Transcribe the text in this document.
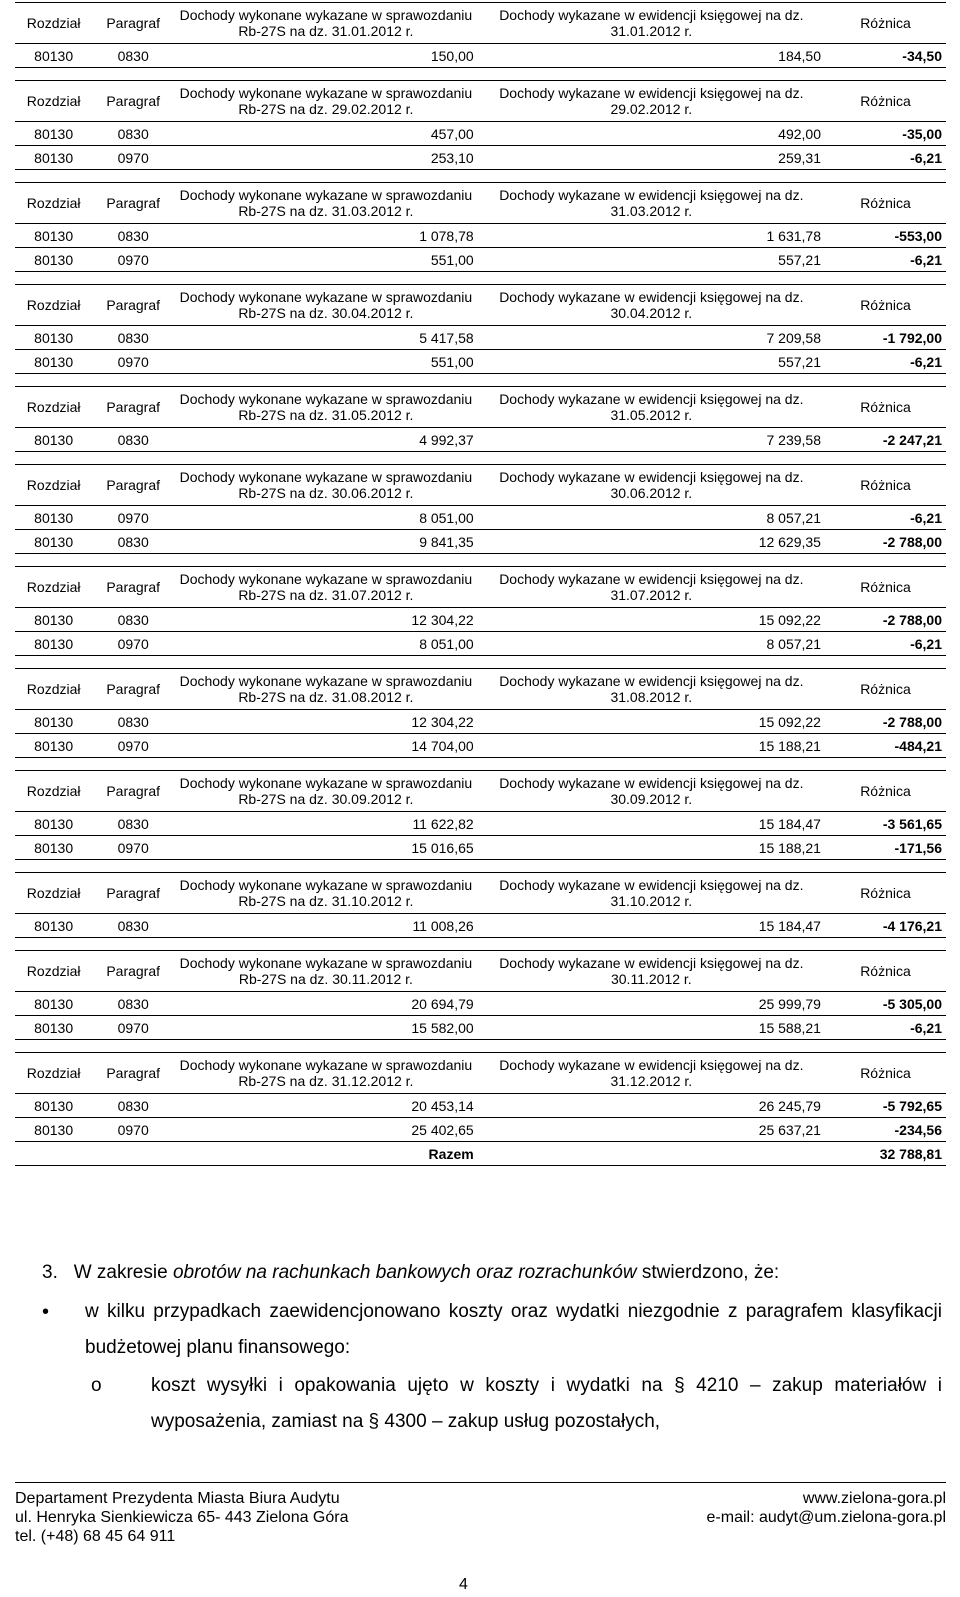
Rozdział	Paragraf	Dochody wykonane wykazane w sprawozdaniu Rb-27S na dz. 31.01.2012 r.	Dochody wykazane w ewidencji księgowej na dz. 31.01.2012 r.	Różnica
80130	0830	150,00	184,50	-34,50
Rozdział	Paragraf	Dochody wykonane wykazane w sprawozdaniu Rb-27S na dz. 29.02.2012 r.	Dochody wykazane w ewidencji księgowej na dz. 29.02.2012 r.	Różnica
80130	0830	457,00	492,00	-35,00
80130	0970	253,10	259,31	-6,21
Rozdział	Paragraf	Dochody wykonane wykazane w sprawozdaniu Rb-27S na dz. 31.03.2012 r.	Dochody wykazane w ewidencji księgowej na dz. 31.03.2012 r.	Różnica
80130	0830	1 078,78	1 631,78	-553,00
80130	0970	551,00	557,21	-6,21
Rozdział	Paragraf	Dochody wykonane wykazane w sprawozdaniu Rb-27S na dz. 30.04.2012 r.	Dochody wykazane w ewidencji księgowej na dz. 30.04.2012 r.	Różnica
80130	0830	5 417,58	7 209,58	-1 792,00
80130	0970	551,00	557,21	-6,21
Rozdział	Paragraf	Dochody wykonane wykazane w sprawozdaniu Rb-27S na dz. 31.05.2012 r.	Dochody wykazane w ewidencji księgowej na dz. 31.05.2012 r.	Różnica
80130	0830	4 992,37	7 239,58	-2 247,21
Rozdział	Paragraf	Dochody wykonane wykazane w sprawozdaniu Rb-27S na dz. 30.06.2012 r.	Dochody wykazane w ewidencji księgowej na dz. 30.06.2012 r.	Różnica
80130	0970	8 051,00	8 057,21	-6,21
80130	0830	9 841,35	12 629,35	-2 788,00
Rozdział	Paragraf	Dochody wykonane wykazane w sprawozdaniu Rb-27S na dz. 31.07.2012 r.	Dochody wykazane w ewidencji księgowej na dz. 31.07.2012 r.	Różnica
80130	0830	12 304,22	15 092,22	-2 788,00
80130	0970	8 051,00	8 057,21	-6,21
Rozdział	Paragraf	Dochody wykonane wykazane w sprawozdaniu Rb-27S na dz. 31.08.2012 r.	Dochody wykazane w ewidencji księgowej na dz. 31.08.2012 r.	Różnica
80130	0830	12 304,22	15 092,22	-2 788,00
80130	0970	14 704,00	15 188,21	-484,21
Rozdział	Paragraf	Dochody wykonane wykazane w sprawozdaniu Rb-27S na dz. 30.09.2012 r.	Dochody wykazane w ewidencji księgowej na dz. 30.09.2012 r.	Różnica
80130	0830	11 622,82	15 184,47	-3 561,65
80130	0970	15 016,65	15 188,21	-171,56
Rozdział	Paragraf	Dochody wykonane wykazane w sprawozdaniu Rb-27S na dz. 31.10.2012 r.	Dochody wykazane w ewidencji księgowej na dz. 31.10.2012 r.	Różnica
80130	0830	11 008,26	15 184,47	-4 176,21
Rozdział	Paragraf	Dochody wykonane wykazane w sprawozdaniu Rb-27S na dz. 30.11.2012 r.	Dochody wykazane w ewidencji księgowej na dz. 30.11.2012 r.	Różnica
80130	0830	20 694,79	25 999,79	-5 305,00
80130	0970	15 582,00	15 588,21	-6,21
Rozdział	Paragraf	Dochody wykonane wykazane w sprawozdaniu Rb-27S na dz. 31.12.2012 r.	Dochody wykazane w ewidencji księgowej na dz. 31.12.2012 r.	Różnica
80130	0830	20 453,14	26 245,79	-5 792,65
80130	0970	25 402,65	25 637,21	-234,56
Razem				32 788,81
3. W zakresie obrotów na rachunkach bankowych oraz rozrachunków stwierdzono, że:
• w kilku przypadkach zaewidencjonowano koszty oraz wydatki niezgodnie z paragrafem klasyfikacji budżetowej planu finansowego:
o	koszt wysyłki i opakowania ujęto w koszty i wydatki na § 4210 – zakup materiałów i wyposażenia, zamiast na § 4300 – zakup usług pozostałych,
Departament Prezydenta Miasta Biura Audytu	www.zielona-gora.pl
ul. Henryka Sienkiewicza 65- 443 Zielona Góra	e-mail: audyt@um.zielona-gora.pl
tel. (+48) 68 45 64 911
4
